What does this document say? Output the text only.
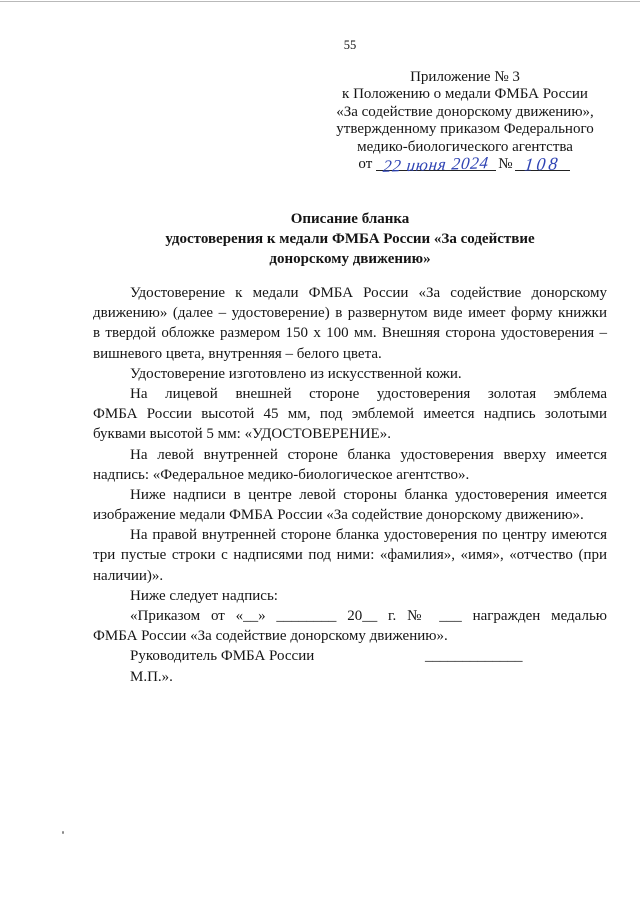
55
Приложение № 3
к Положению о медали ФМБА России
«За содействие донорскому движению»,
утвержденному приказом Федерального
медико-биологического агентства
от 22 июня 2024 № 108
Описание бланка
удостоверения к медали ФМБА России «За содействие
донорскому движению»
Удостоверение к медали ФМБА России «За содействие донорскому
движению» (далее – удостоверение) в развернутом виде имеет форму книжки
в твердой обложке размером 150 х 100 мм. Внешняя сторона удостоверения –
вишневого цвета, внутренняя – белого цвета.
Удостоверение изготовлено из искусственной кожи.
На лицевой внешней стороне удостоверения золотая эмблема
ФМБА России высотой 45 мм, под эмблемой имеется надпись золотыми
буквами высотой 5 мм: «УДОСТОВЕРЕНИЕ».
На левой внутренней стороне бланка удостоверения вверху имеется
надпись: «Федеральное медико-биологическое агентство».
Ниже надписи в центре левой стороны бланка удостоверения имеется
изображение медали ФМБА России «За содействие донорскому движению».
На правой внутренней стороне бланка удостоверения по центру имеются
три пустые строки с надписями под ними: «фамилия», «имя», «отчество (при
наличии)».
Ниже следует надпись:
«Приказом от «__» ________ 20__ г. № ___ награжден медалью
ФМБА России «За содействие донорскому движению».
Руководитель ФМБА России	_____________
М.П.».
